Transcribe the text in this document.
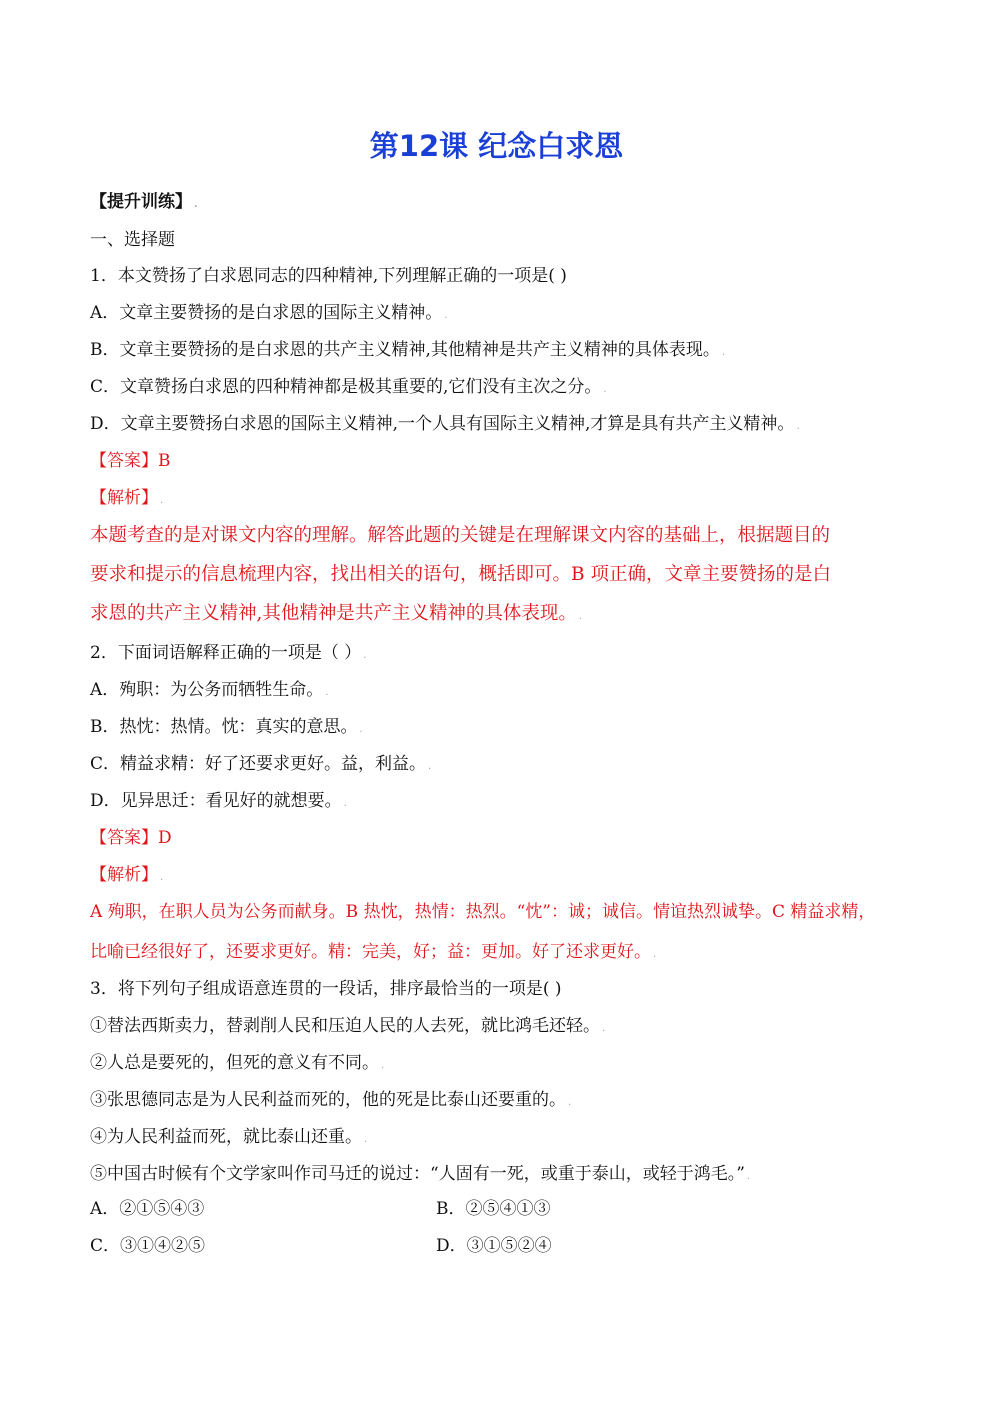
第12课 纪念白求恩
【提升训练】 .
一、选择题
1．本文赞扬了白求恩同志的四种精神,下列理解正确的一项是( )
A．文章主要赞扬的是白求恩的国际主义精神。 .
B．文章主要赞扬的是白求恩的共产主义精神,其他精神是共产主义精神的具体表现。 .
C．文章赞扬白求恩的四种精神都是极其重要的,它们没有主次之分。 .
D．文章主要赞扬白求恩的国际主义精神,一个人具有国际主义精神,才算是具有共产主义精神。 .
【答案】B
【解析】 .
本题考查的是对课文内容的理解。解答此题的关键是在理解课文内容的基础上，根据题目的
要求和提示的信息梳理内容，找出相关的语句，概括即可。B 项正确，文章主要赞扬的是白
求恩的共产主义精神,其他精神是共产主义精神的具体表现。 .
2．下面词语解释正确的一项是（ ） .
A．殉职：为公务而牺牲生命。 .
B．热忱：热情。忱：真实的意思。 .
C．精益求精：好了还要求更好。益，利益。 .
D．见异思迁：看见好的就想要。 .
【答案】D
【解析】 .
A 殉职，在职人员为公务而献身。B 热忱，热情：热烈。“忱”：诚；诚信。情谊热烈诚挚。C 精益求精，
比喻已经很好了，还要求更好。精：完美，好；益：更加。好了还求更好。 .
3．将下列句子组成语意连贯的一段话，排序最恰当的一项是( )
①替法西斯卖力，替剥削人民和压迫人民的人去死，就比鸿毛还轻。 .
②人总是要死的，但死的意义有不同。 .
③张思德同志是为人民利益而死的，他的死是比泰山还要重的。 .
④为人民利益而死，就比泰山还重。 .
⑤中国古时候有个文学家叫作司马迁的说过：“人固有一死，或重于泰山，或轻于鸿毛。” .
A．②①⑤④③	B．②⑤④①③
C．③①④②⑤	D．③①⑤②④
